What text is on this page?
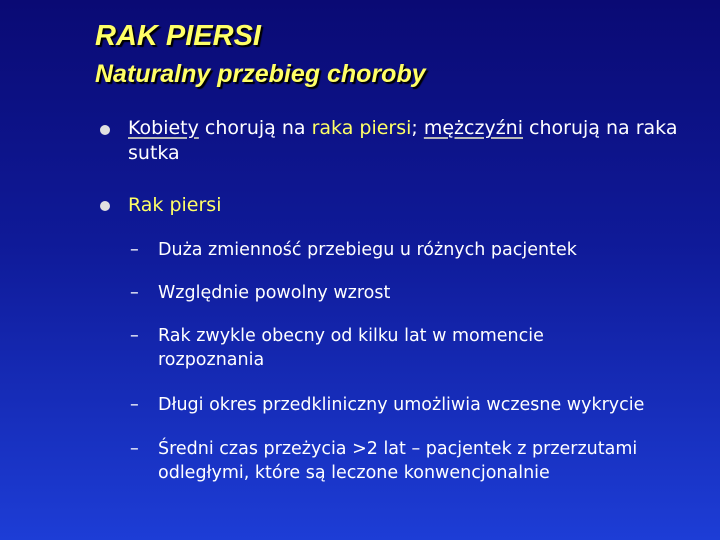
RAK PIERSI
Naturalny przebieg choroby
Kobiety chorują na raka piersi; mężczyźni chorują na raka sutka
Rak piersi
–	Duża zmienność przebiegu u różnych pacjentek
–	Względnie powolny wzrost
–	Rak zwykle obecny od kilku lat w momencie rozpoznania
–	Długi okres przedkliniczny umożliwia wczesne wykrycie
–	Średni czas przeżycia >2 lat – pacjentek z przerzutami odległymi, które są leczone konwencjonalnie
